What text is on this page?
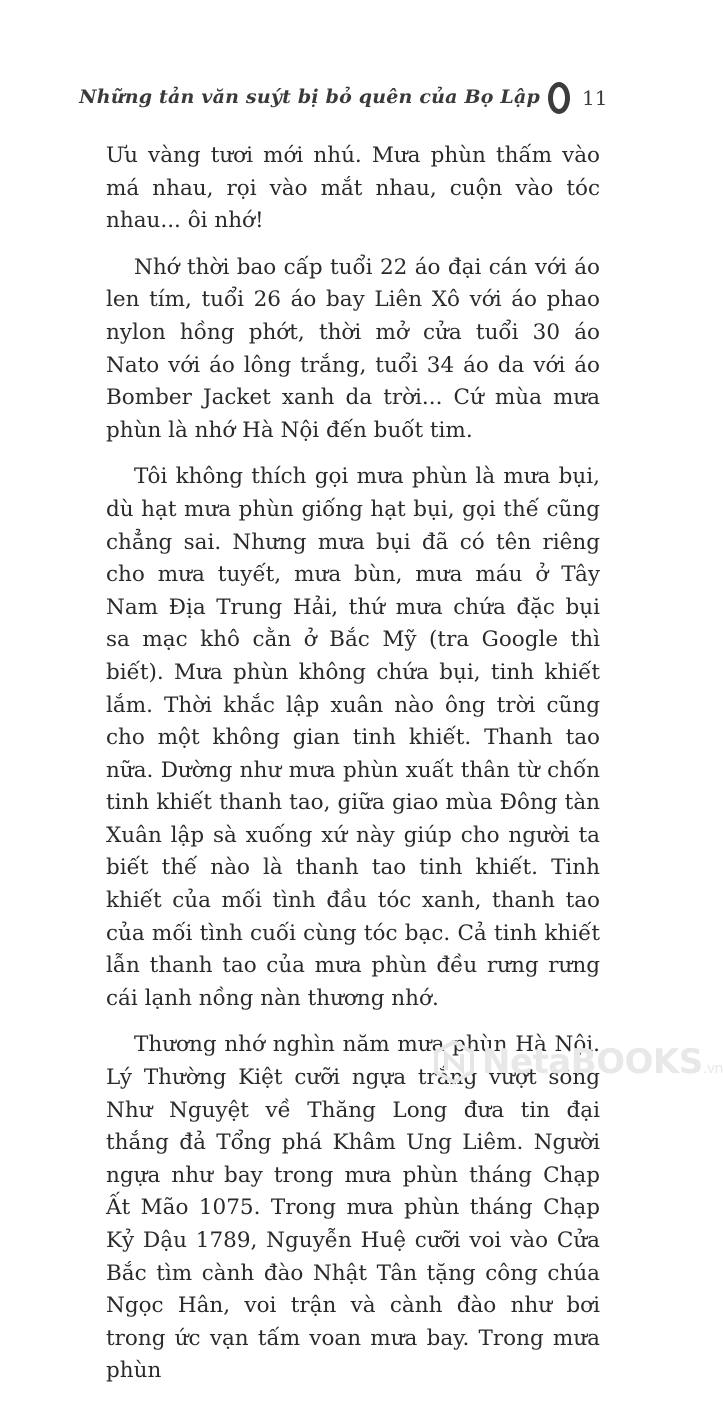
Những tản văn suýt bị bỏ quên của Bọ Lập 11

Ưu vàng tươi mới nhú. Mưa phùn thấm vào má nhau, rọi vào mắt nhau, cuộn vào tóc nhau... ôi nhớ!

Nhớ thời bao cấp tuổi 22 áo đại cán với áo len tím, tuổi 26 áo bay Liên Xô với áo phao nylon hồng phớt, thời mở cửa tuổi 30 áo Nato với áo lông trắng, tuổi 34 áo da với áo Bomber Jacket xanh da trời... Cứ mùa mưa phùn là nhớ Hà Nội đến buốt tim.

Tôi không thích gọi mưa phùn là mưa bụi, dù hạt mưa phùn giống hạt bụi, gọi thế cũng chẳng sai. Nhưng mưa bụi đã có tên riêng cho mưa tuyết, mưa bùn, mưa máu ở Tây Nam Địa Trung Hải, thứ mưa chứa đặc bụi sa mạc khô cằn ở Bắc Mỹ (tra Google thì biết). Mưa phùn không chứa bụi, tinh khiết lắm. Thời khắc lập xuân nào ông trời cũng cho một không gian tinh khiết. Thanh tao nữa. Dường như mưa phùn xuất thân từ chốn tinh khiết thanh tao, giữa giao mùa Đông tàn Xuân lập sà xuống xứ này giúp cho người ta biết thế nào là thanh tao tinh khiết. Tinh khiết của mối tình đầu tóc xanh, thanh tao của mối tình cuối cùng tóc bạc. Cả tinh khiết lẫn thanh tao của mưa phùn đều rưng rưng cái lạnh nồng nàn thương nhớ.

Thương nhớ nghìn năm mưa phùn Hà Nội. Lý Thường Kiệt cưỡi ngựa trắng vượt sông Như Nguyệt về Thăng Long đưa tin đại thắng đả Tổng phá Khâm Ung Liêm. Người ngựa như bay trong mưa phùn tháng Chạp Ất Mão 1075. Trong mưa phùn tháng Chạp Kỷ Dậu 1789, Nguyễn Huệ cưỡi voi vào Cửa Bắc tìm cành đào Nhật Tân tặng công chúa Ngọc Hân, voi trận và cành đào như bơi trong ức vạn tấm voan mưa bay. Trong mưa phùn

NetaBOOKS.vn
